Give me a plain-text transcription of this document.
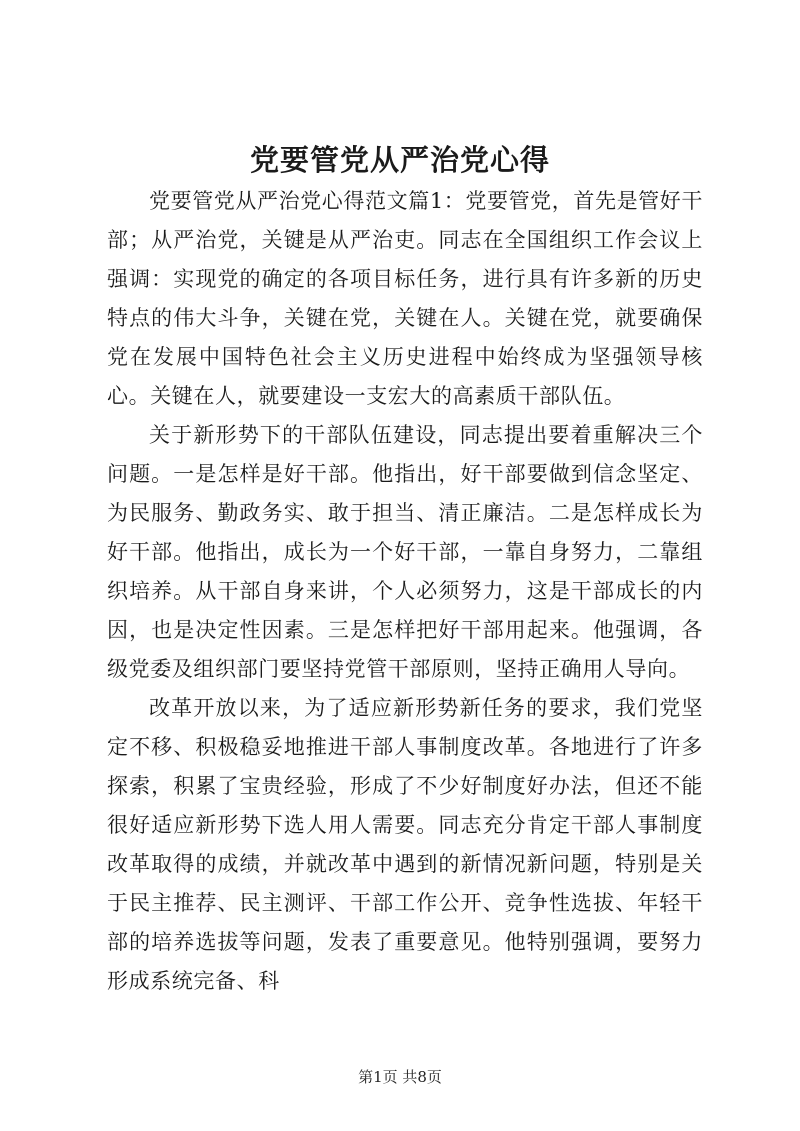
党要管党从严治党心得

党要管党从严治党心得范文篇1：党要管党，首先是管好干部；从严治党，关键是从严治吏。同志在全国组织工作会议上强调：实现党的确定的各项目标任务，进行具有许多新的历史特点的伟大斗争，关键在党，关键在人。关键在党，就要确保党在发展中国特色社会主义历史进程中始终成为坚强领导核心。关键在人，就要建设一支宏大的高素质干部队伍。

关于新形势下的干部队伍建设，同志提出要着重解决三个问题。一是怎样是好干部。他指出，好干部要做到信念坚定、为民服务、勤政务实、敢于担当、清正廉洁。二是怎样成长为好干部。他指出，成长为一个好干部，一靠自身努力，二靠组织培养。从干部自身来讲，个人必须努力，这是干部成长的内因，也是决定性因素。三是怎样把好干部用起来。他强调，各级党委及组织部门要坚持党管干部原则，坚持正确用人导向。

改革开放以来，为了适应新形势新任务的要求，我们党坚定不移、积极稳妥地推进干部人事制度改革。各地进行了许多探索，积累了宝贵经验，形成了不少好制度好办法，但还不能很好适应新形势下选人用人需要。同志充分肯定干部人事制度改革取得的成绩，并就改革中遇到的新情况新问题，特别是关于民主推荐、民主测评、干部工作公开、竞争性选拔、年轻干部的培养选拔等问题，发表了重要意见。他特别强调，要努力形成系统完备、科

第1页 共8页
